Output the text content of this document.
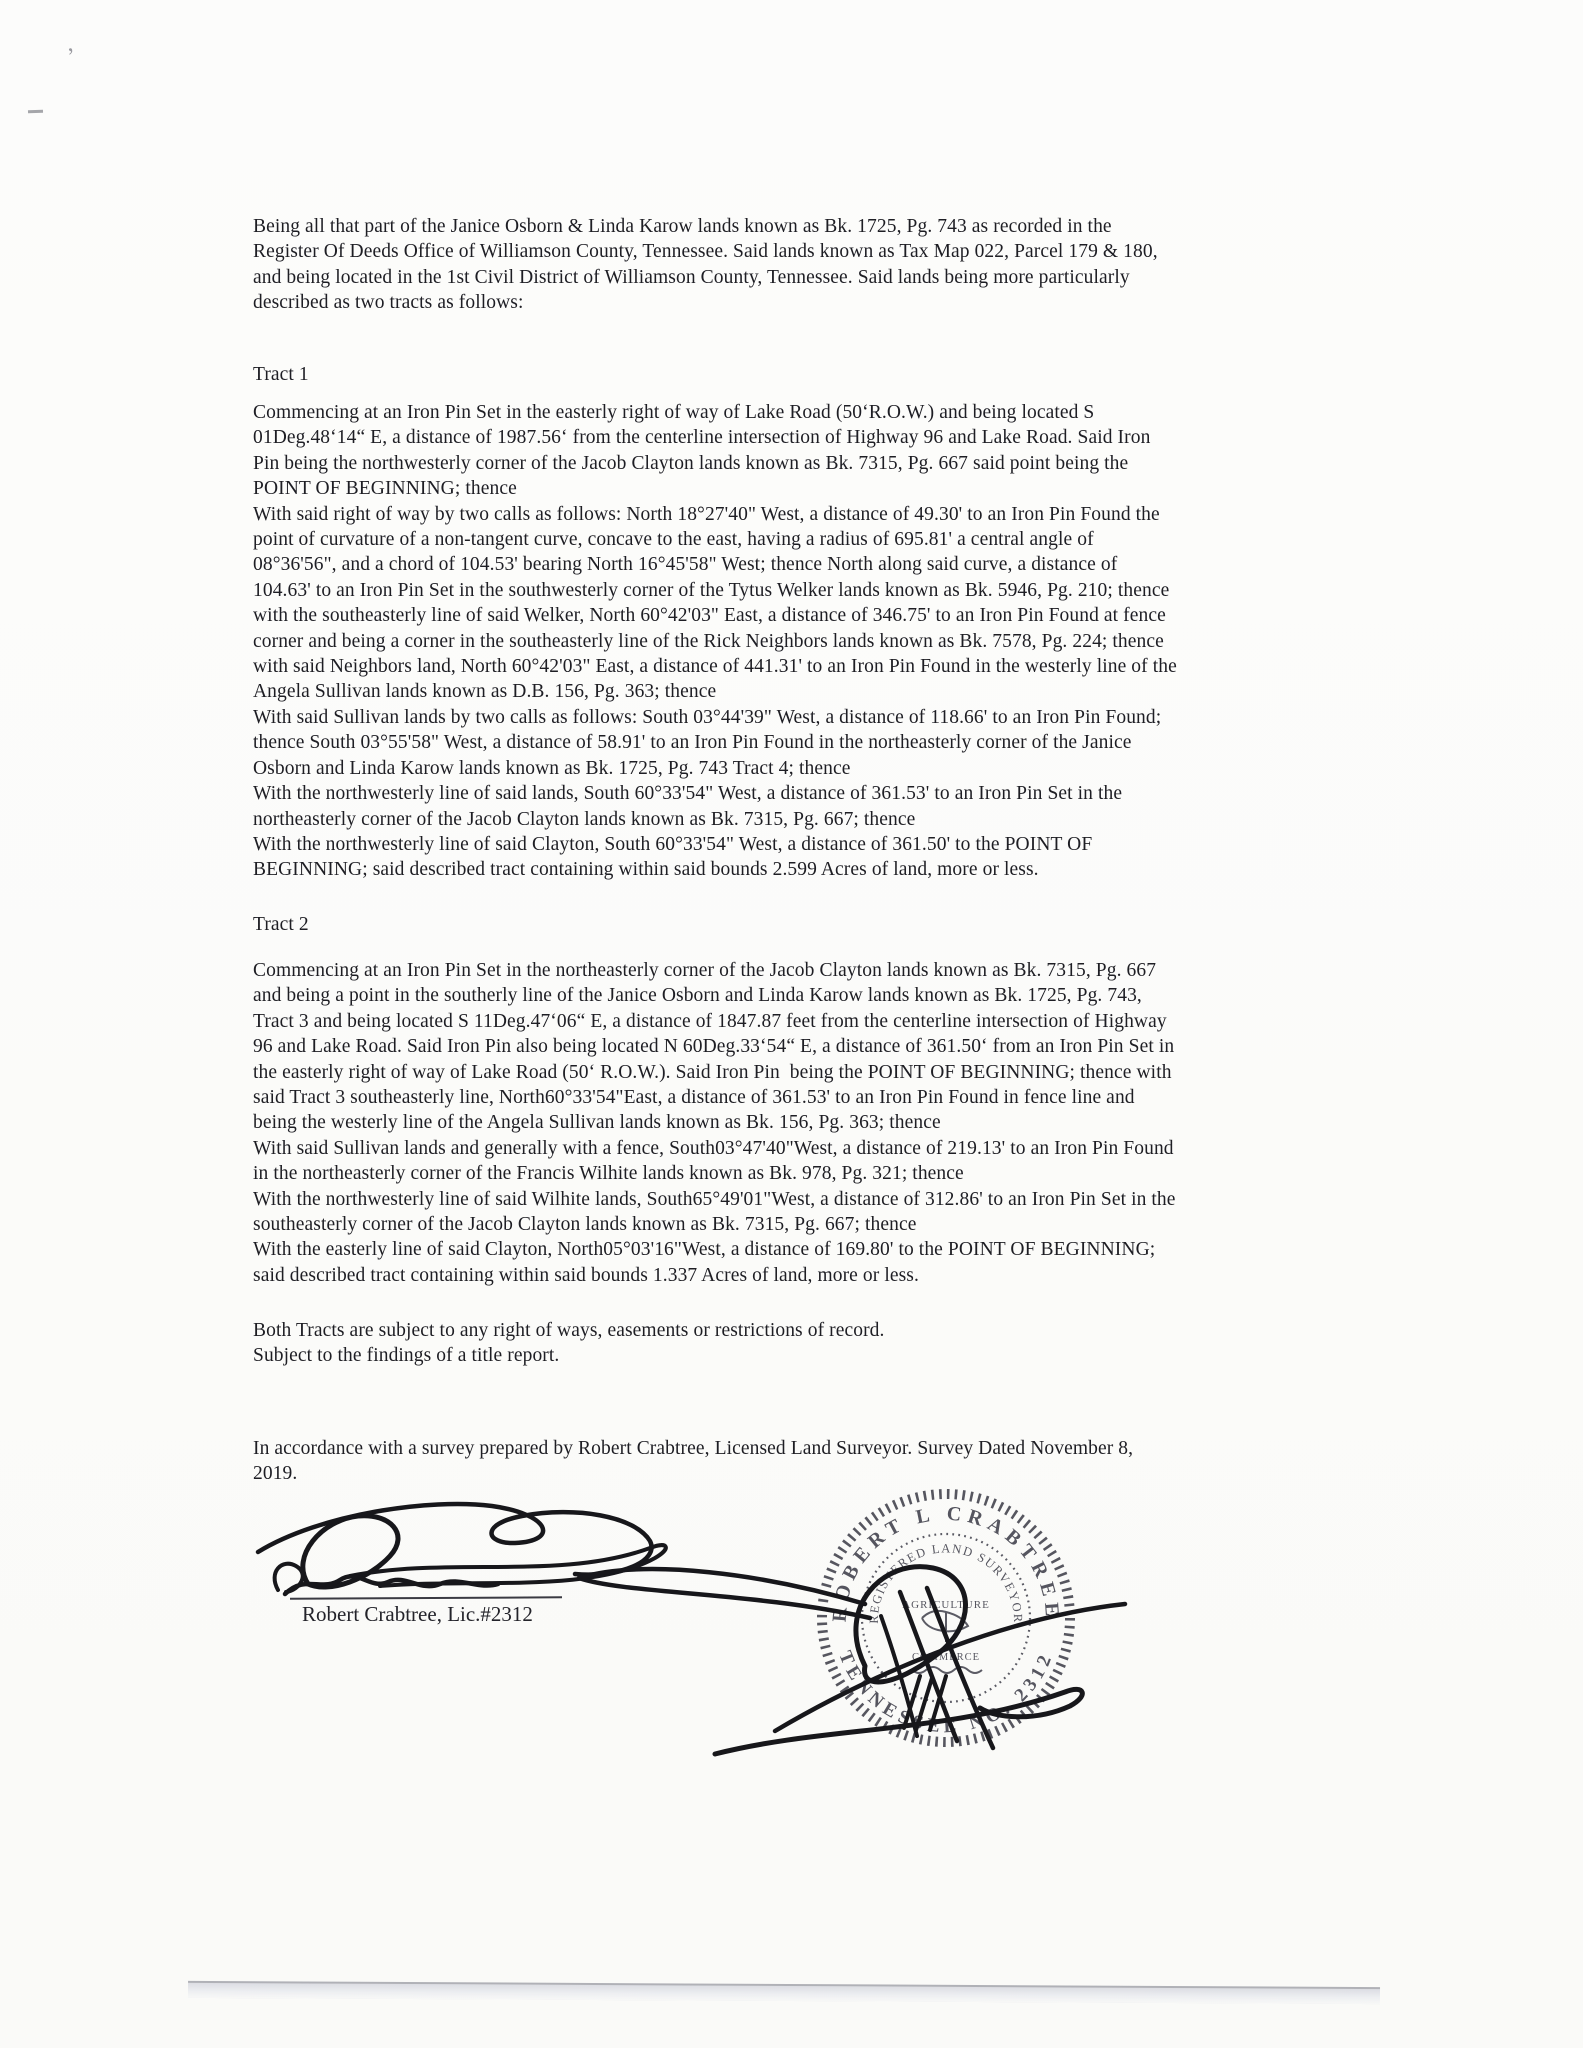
’
Being all that part of the Janice Osborn & Linda Karow lands known as Bk. 1725, Pg. 743 as recorded in the
Register Of Deeds Office of Williamson County, Tennessee. Said lands known as Tax Map 022, Parcel 179 & 180,
and being located in the 1st Civil District of Williamson County, Tennessee. Said lands being more particularly
described as two tracts as follows:
Tract 1
Commencing at an Iron Pin Set in the easterly right of way of Lake Road (50‘R.O.W.) and being located S
01Deg.48‘14“ E, a distance of 1987.56‘ from the centerline intersection of Highway 96 and Lake Road. Said Iron
Pin being the northwesterly corner of the Jacob Clayton lands known as Bk. 7315, Pg. 667 said point being the
POINT OF BEGINNING; thence
With said right of way by two calls as follows: North 18°27'40" West, a distance of 49.30' to an Iron Pin Found the
point of curvature of a non-tangent curve, concave to the east, having a radius of 695.81' a central angle of
08°36'56", and a chord of 104.53' bearing North 16°45'58" West; thence North along said curve, a distance of
104.63' to an Iron Pin Set in the southwesterly corner of the Tytus Welker lands known as Bk. 5946, Pg. 210; thence
with the southeasterly line of said Welker, North 60°42'03" East, a distance of 346.75' to an Iron Pin Found at fence
corner and being a corner in the southeasterly line of the Rick Neighbors lands known as Bk. 7578, Pg. 224; thence
with said Neighbors land, North 60°42'03" East, a distance of 441.31' to an Iron Pin Found in the westerly line of the
Angela Sullivan lands known as D.B. 156, Pg. 363; thence
With said Sullivan lands by two calls as follows: South 03°44'39" West, a distance of 118.66' to an Iron Pin Found;
thence South 03°55'58" West, a distance of 58.91' to an Iron Pin Found in the northeasterly corner of the Janice
Osborn and Linda Karow lands known as Bk. 1725, Pg. 743 Tract 4; thence
With the northwesterly line of said lands, South 60°33'54" West, a distance of 361.53' to an Iron Pin Set in the
northeasterly corner of the Jacob Clayton lands known as Bk. 7315, Pg. 667; thence
With the northwesterly line of said Clayton, South 60°33'54" West, a distance of 361.50' to the POINT OF
BEGINNING; said described tract containing within said bounds 2.599 Acres of land, more or less.
Tract 2
Commencing at an Iron Pin Set in the northeasterly corner of the Jacob Clayton lands known as Bk. 7315, Pg. 667
and being a point in the southerly line of the Janice Osborn and Linda Karow lands known as Bk. 1725, Pg. 743,
Tract 3 and being located S 11Deg.47‘06“ E, a distance of 1847.87 feet from the centerline intersection of Highway
96 and Lake Road. Said Iron Pin also being located N 60Deg.33‘54“ E, a distance of 361.50‘ from an Iron Pin Set in
the easterly right of way of Lake Road (50‘ R.O.W.). Said Iron Pin  being the POINT OF BEGINNING; thence with
said Tract 3 southeasterly line, North60°33'54"East, a distance of 361.53' to an Iron Pin Found in fence line and
being the westerly line of the Angela Sullivan lands known as Bk. 156, Pg. 363; thence
With said Sullivan lands and generally with a fence, South03°47'40"West, a distance of 219.13' to an Iron Pin Found
in the northeasterly corner of the Francis Wilhite lands known as Bk. 978, Pg. 321; thence
With the northwesterly line of said Wilhite lands, South65°49'01"West, a distance of 312.86' to an Iron Pin Set in the
southeasterly corner of the Jacob Clayton lands known as Bk. 7315, Pg. 667; thence
With the easterly line of said Clayton, North05°03'16"West, a distance of 169.80' to the POINT OF BEGINNING;
said described tract containing within said bounds 1.337 Acres of land, more or less.
Both Tracts are subject to any right of ways, easements or restrictions of record.
Subject to the findings of a title report.
In accordance with a survey prepared by Robert Crabtree, Licensed Land Surveyor. Survey Dated November 8,
2019.
Robert Crabtree, Lic.#2312	ROBERT L CRABTREE
TENNESSEE NO. 2312
REGISTERED LAND SURVEYOR
AGRICULTURE
COMMERCE
